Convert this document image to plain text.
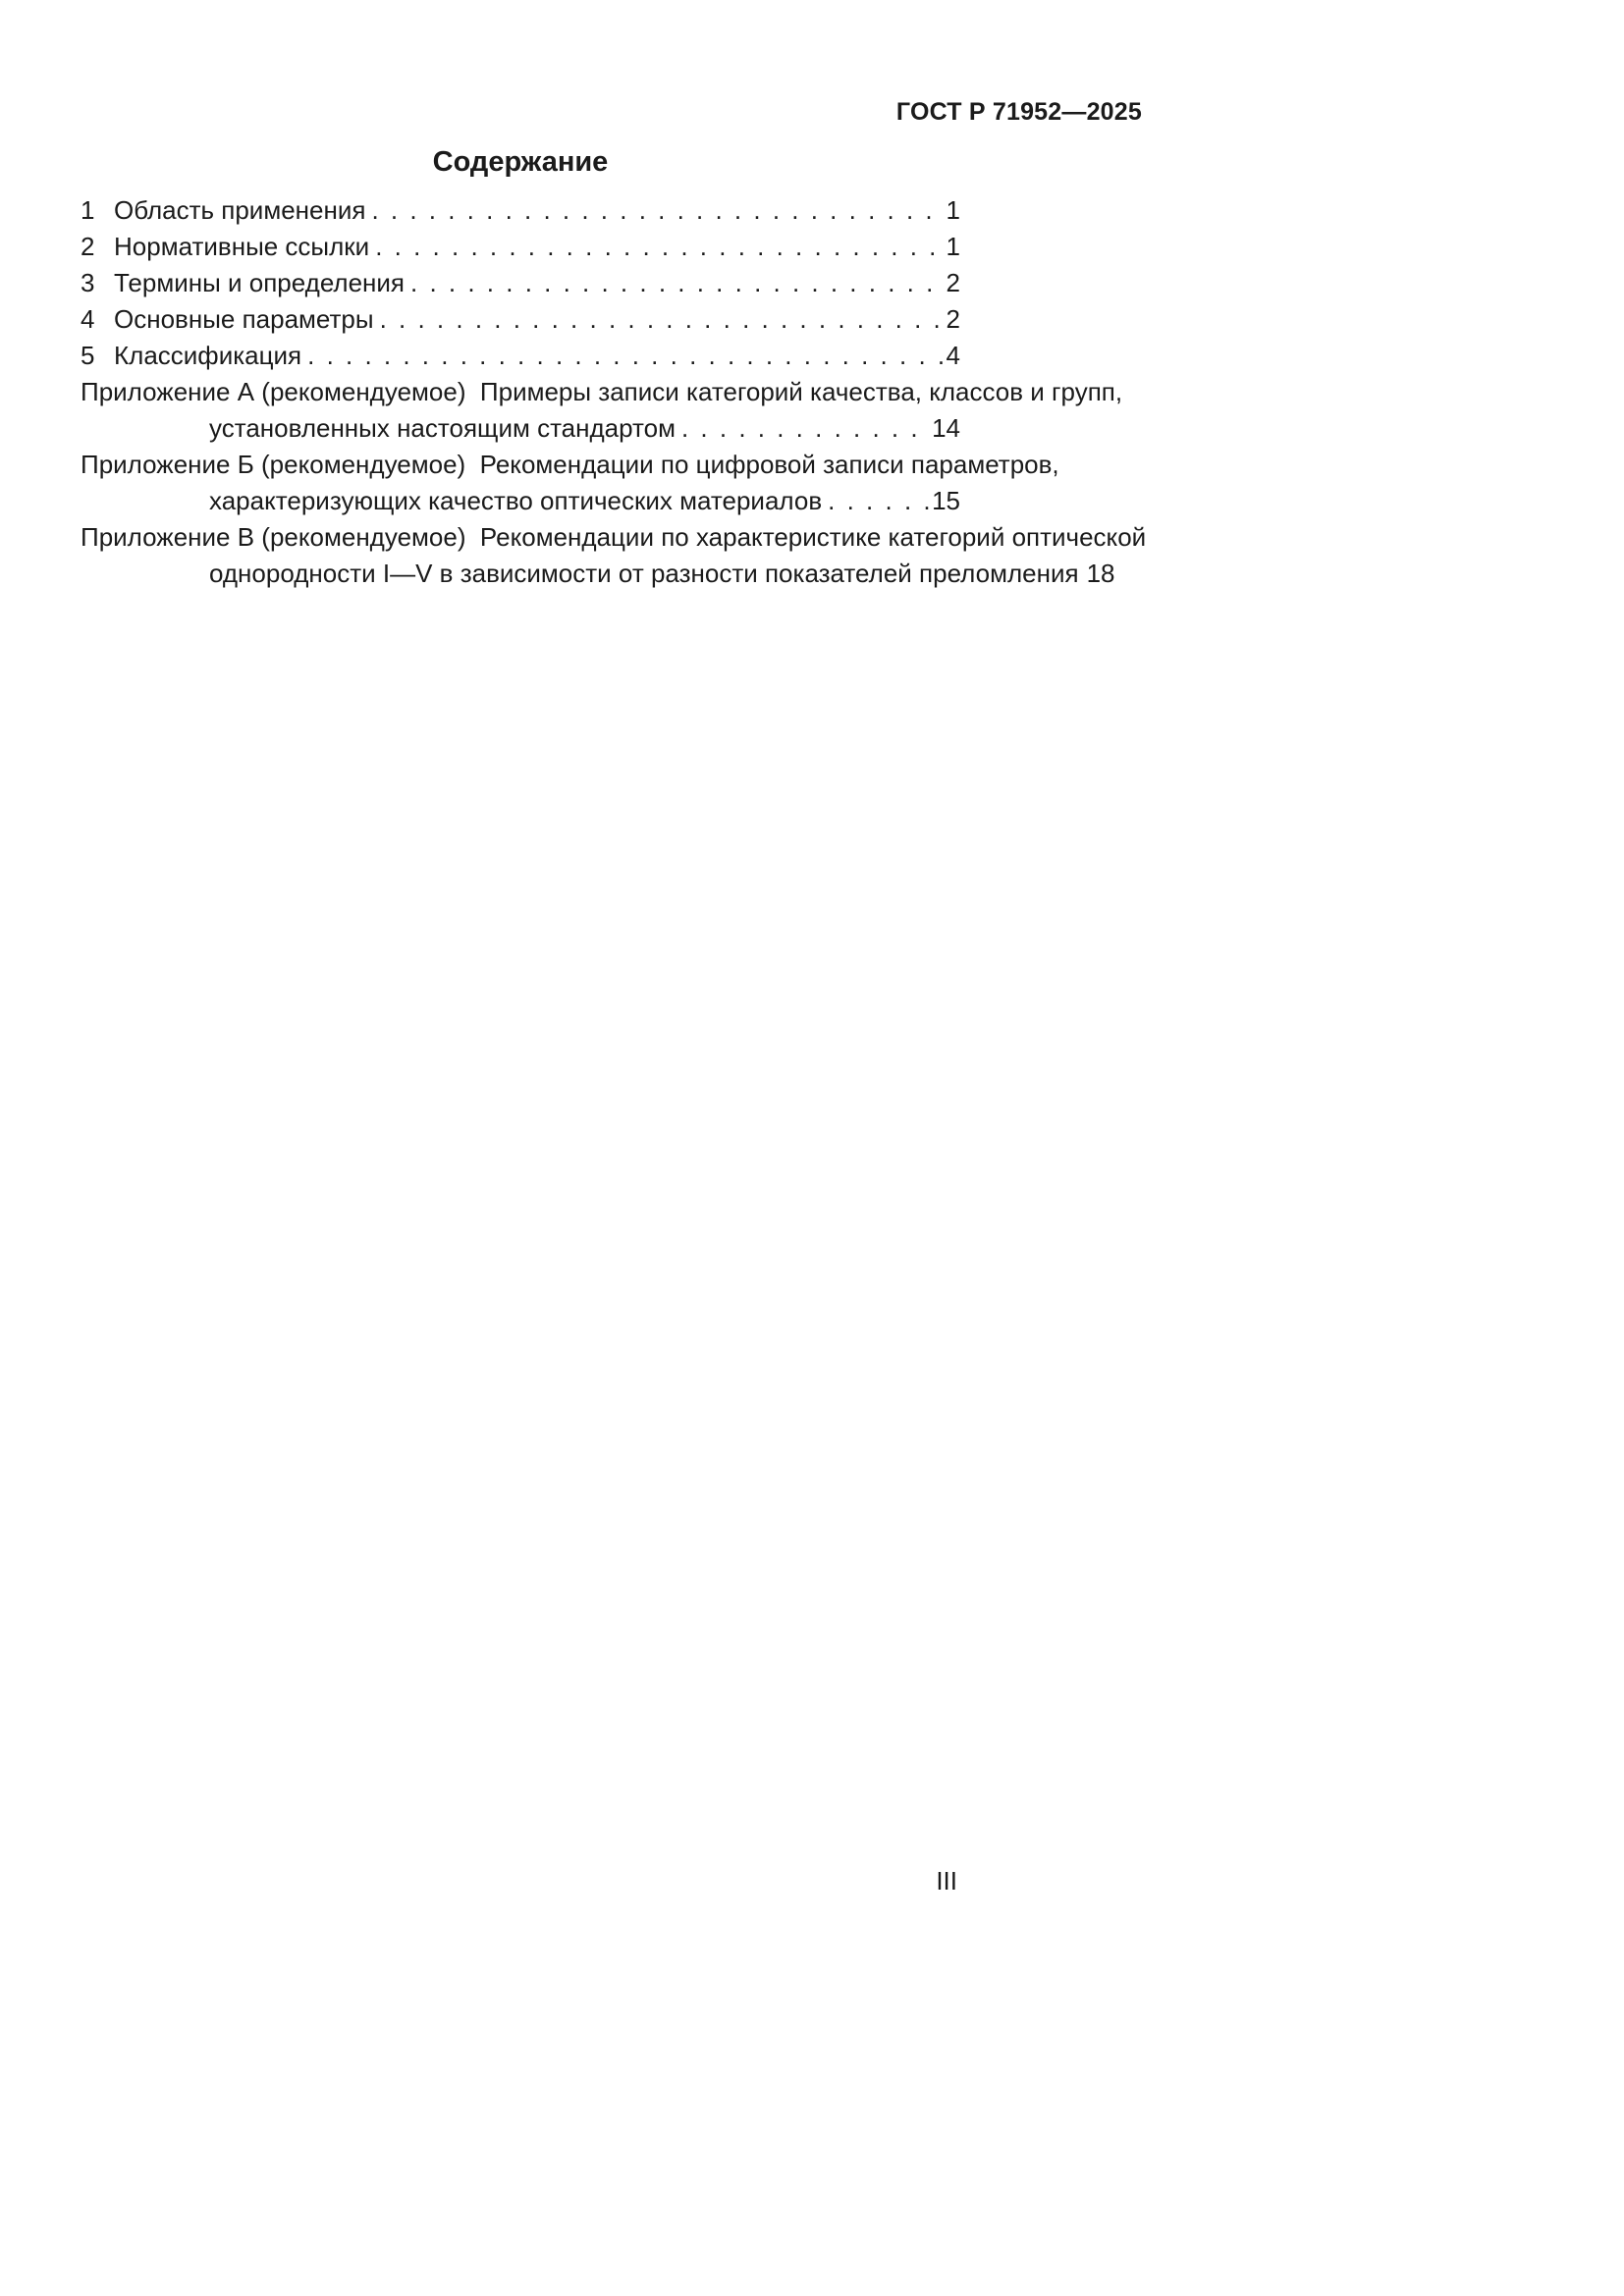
ГОСТ Р 71952—2025
Содержание
1 Область применения . . .	1
2 Нормативные ссылки . . .	1
3 Термины и определения . . .	2
4 Основные параметры . . .	2
5 Классификация . . .	4
Приложение А (рекомендуемое)  Примеры записи категорий качества, классов и групп,
установленных настоящим стандартом . . .	14
Приложение Б (рекомендуемое)  Рекомендации по цифровой записи параметров,
характеризующих качество оптических материалов . . .	15
Приложение В (рекомендуемое)  Рекомендации по характеристике категорий оптической
однородности I—V в зависимости от разности показателей преломления . . . 18
III
